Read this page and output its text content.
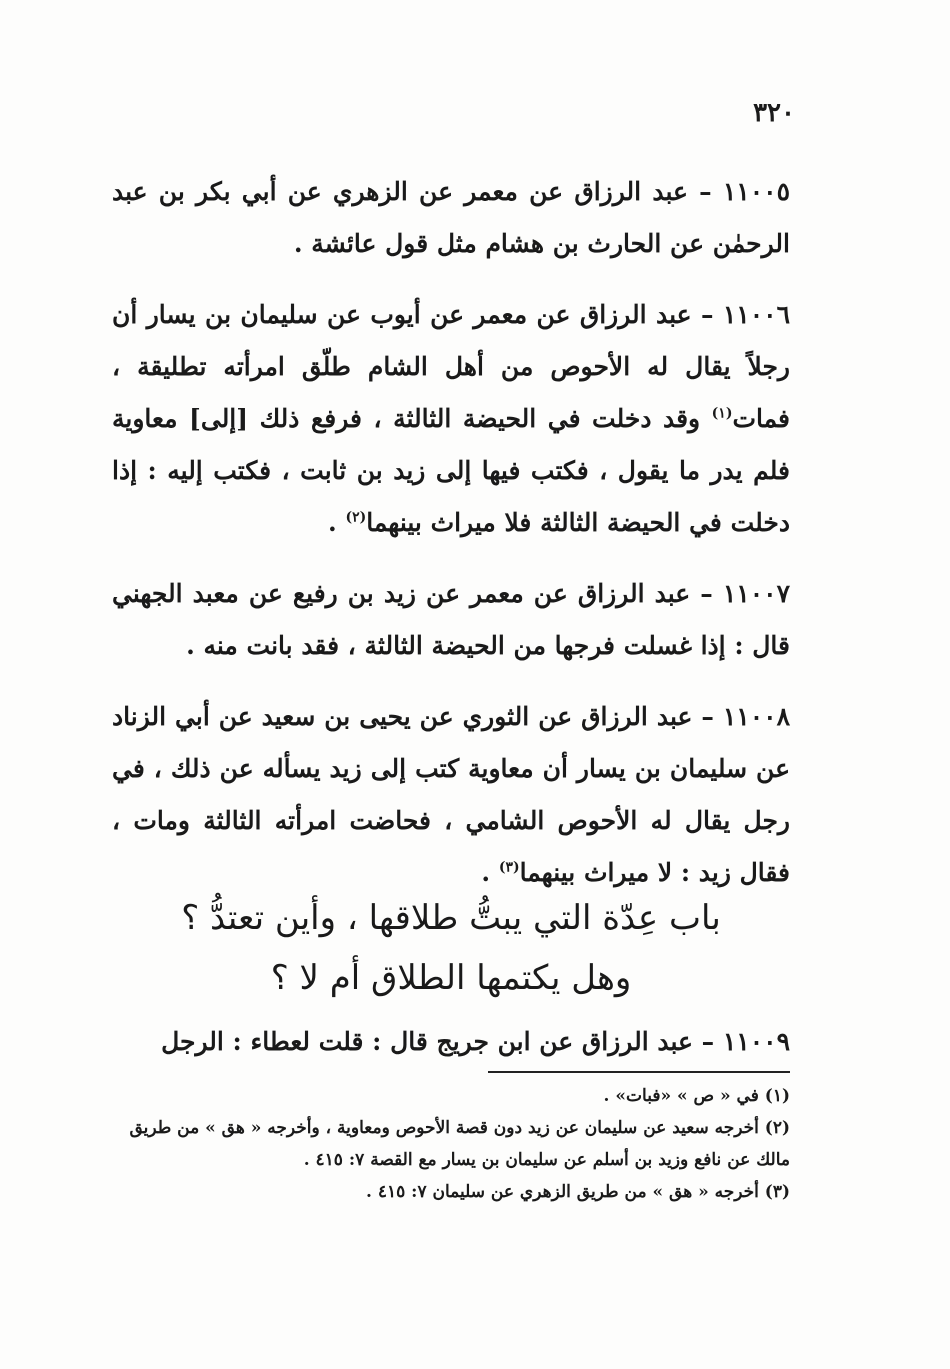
٣٢٠

١١٠٠٥ – عبد الرزاق عن معمر عن الزهري عن أبي بكر بن عبد الرحمٰن عن الحارث بن هشام مثل قول عائشة .

١١٠٠٦ – عبد الرزاق عن معمر عن أيوب عن سليمان بن يسار أن رجلاً يقال له الأحوص من أهل الشام طلّق امرأته تطليقة ، فمات$^{(١)}$ وقد دخلت في الحيضة الثالثة ، فرفع ذلك [إلى] معاوية فلم يدر ما يقول ، فكتب فيها إلى زيد بن ثابت ، فكتب إليه : إذا دخلت في الحيضة الثالثة فلا ميراث بينهما$^{(٢)}$ .

١١٠٠٧ – عبد الرزاق عن معمر عن زيد بن رفيع عن معبد الجهني قال : إذا غسلت فرجها من الحيضة الثالثة ، فقد بانت منه .

١١٠٠٨ – عبد الرزاق عن الثوري عن يحيى بن سعيد عن أبي الزناد عن سليمان بن يسار أن معاوية كتب إلى زيد يسأله عن ذلك ، في رجل يقال له الأحوص الشامي ، فحاضت امرأته الثالثة ومات ، فقال زيد : لا ميراث بينهما$^{(٣)}$ .

باب عِدّة التي يبتُّ طلاقها ، وأين تعتدُّ ؟
وهل يكتمها الطلاق أم لا ؟

١١٠٠٩ – عبد الرزاق عن ابن جريج قال : قلت لعطاء : الرجل

(١) في « ص » «فبات» .

(٢) أخرجه سعيد عن سليمان عن زيد دون قصة الأحوص ومعاوية ، وأخرجه « هق » من طريق مالك عن نافع وزيد بن أسلم عن سليمان بن يسار مع القصة ٧: ٤١٥ .

(٣) أخرجه « هق » من طريق الزهري عن سليمان ٧: ٤١٥ .
